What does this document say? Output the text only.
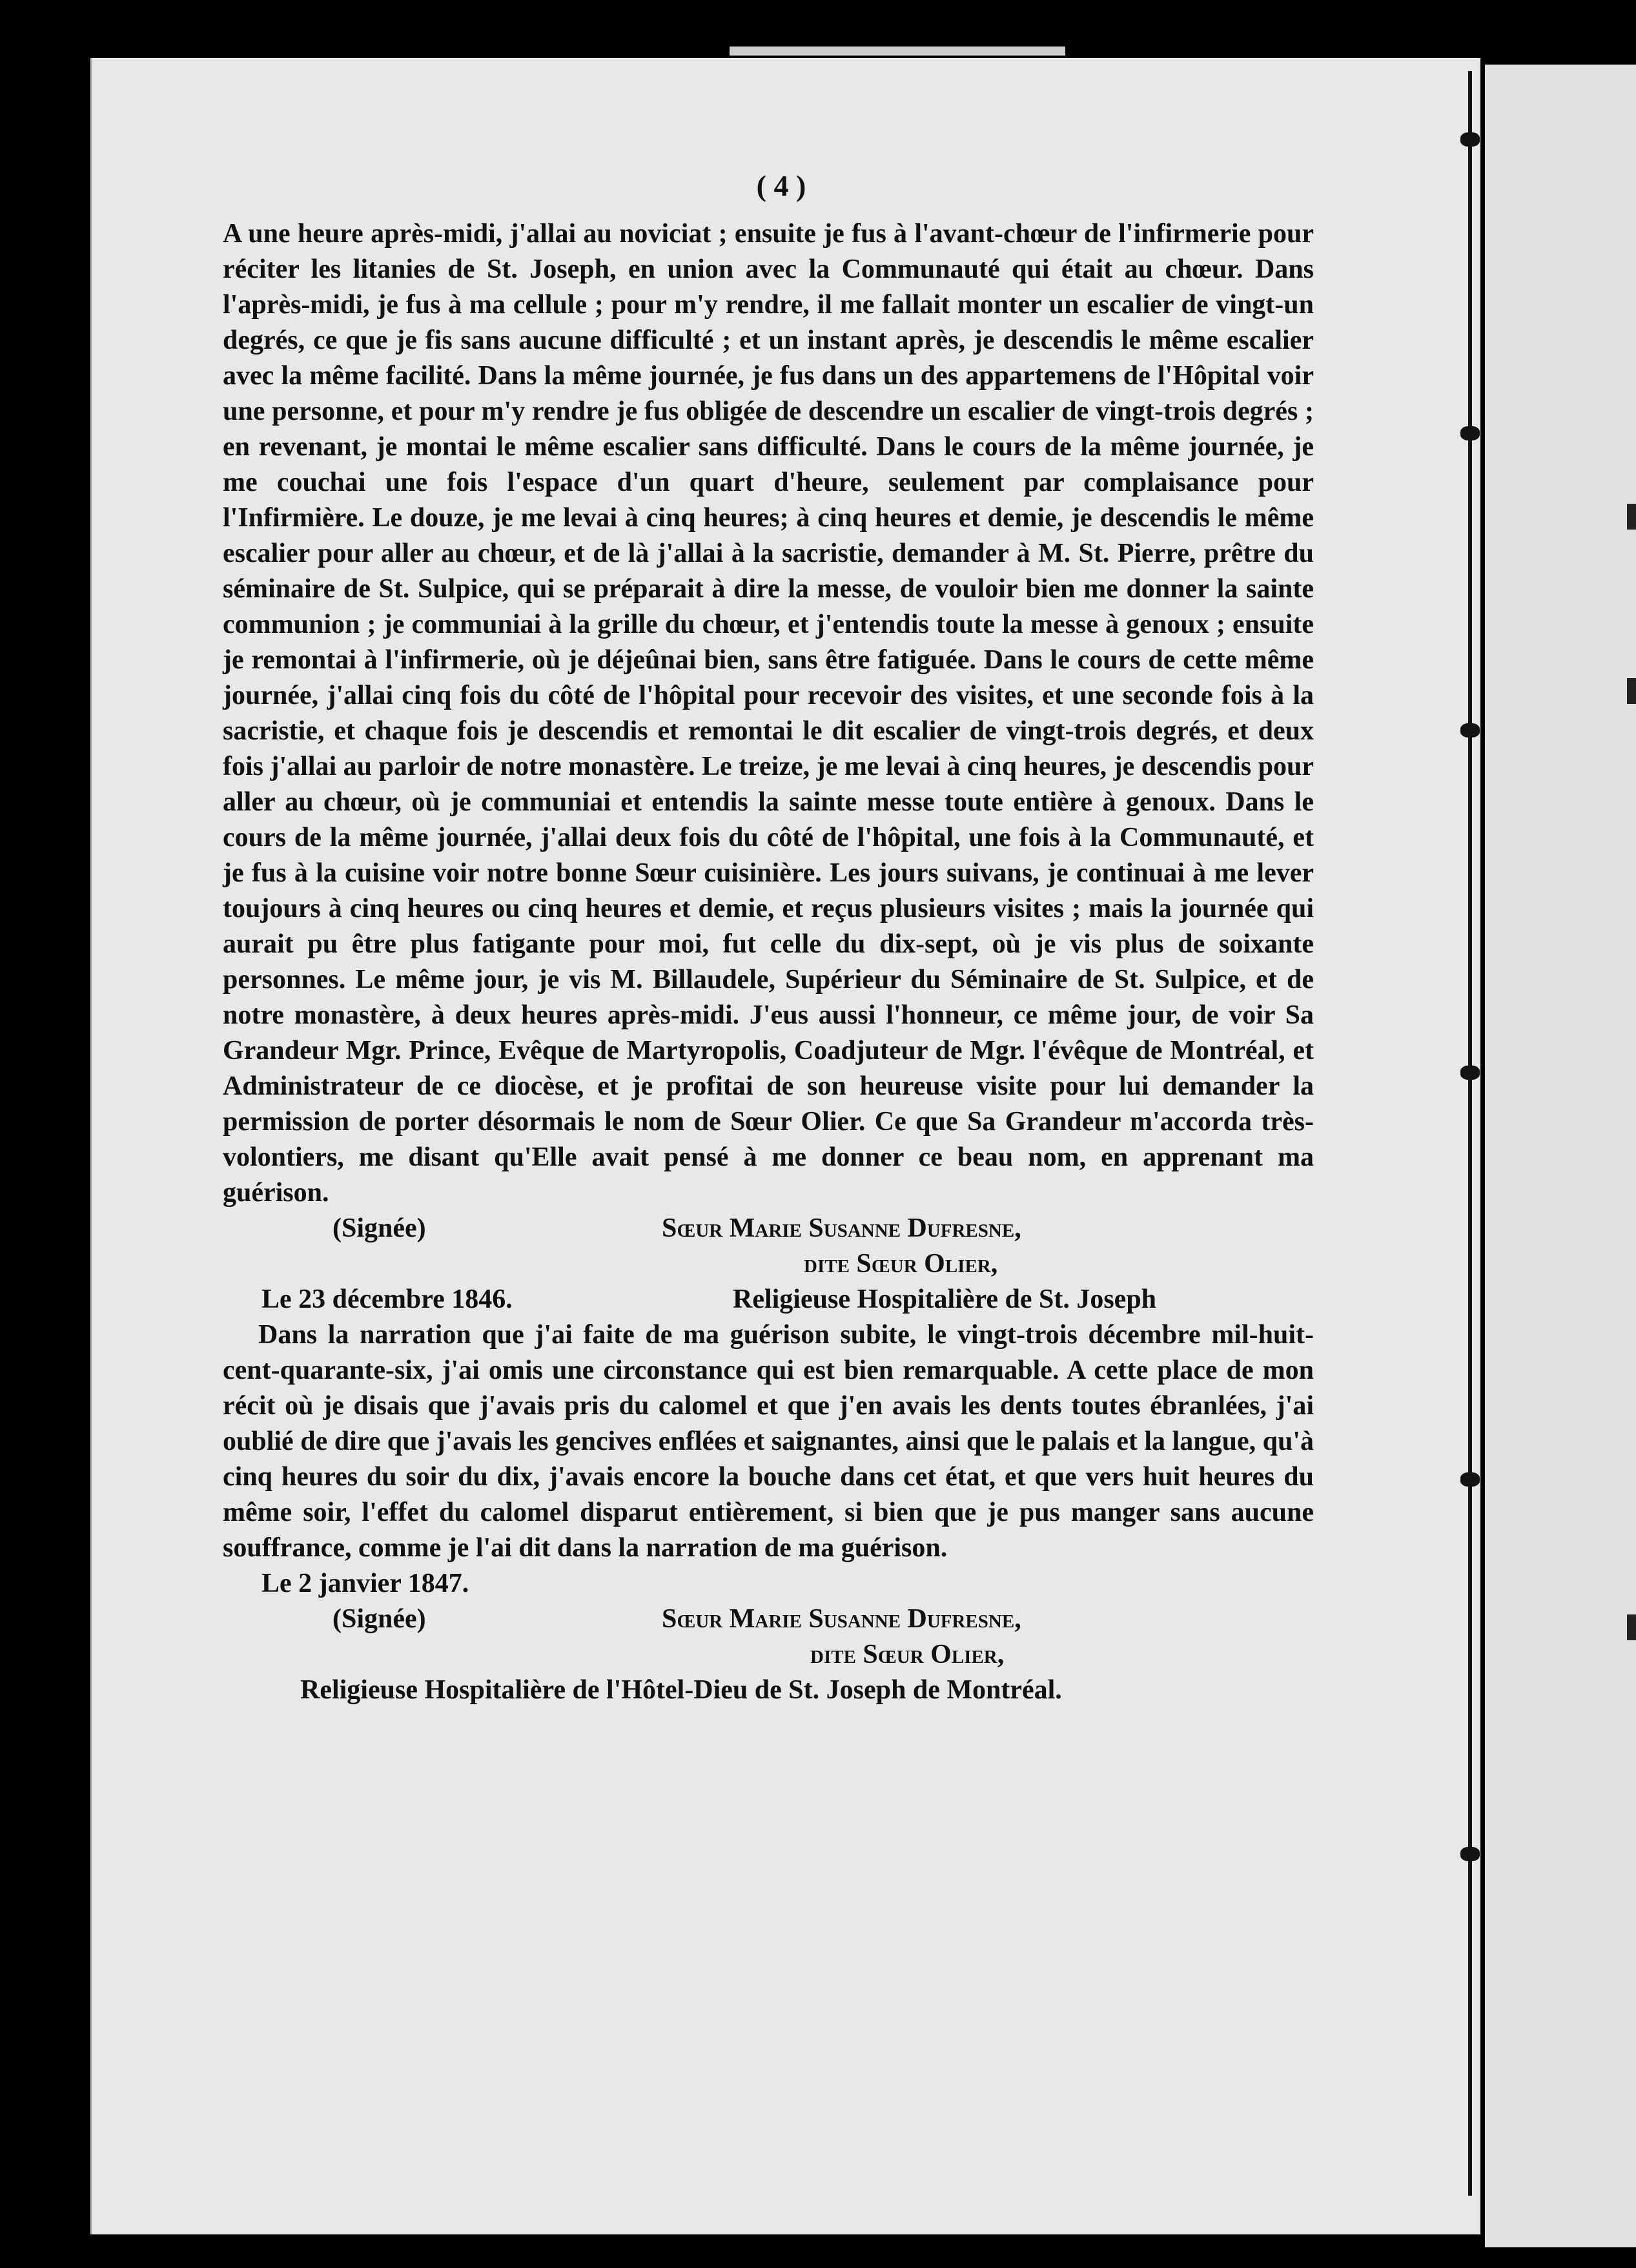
( 4 )

A une heure après-midi, j'allai au noviciat ; ensuite je fus à l'avant-chœur de l'infirmerie pour réciter les litanies de St. Joseph, en union avec la Communauté qui était au chœur. Dans l'après-midi, je fus à ma cellule ; pour m'y rendre, il me fallait monter un escalier de vingt-un degrés, ce que je fis sans aucune difficulté ; et un instant après, je descendis le même escalier avec la même facilité. Dans la même journée, je fus dans un des appartemens de l'Hôpital voir une personne, et pour m'y rendre je fus obligée de descendre un escalier de vingt-trois degrés ; en revenant, je montai le même escalier sans difficulté. Dans le cours de la même journée, je me couchai une fois l'espace d'un quart d'heure, seulement par complaisance pour l'Infirmière. Le douze, je me levai à cinq heures; à cinq heures et demie, je descendis le même escalier pour aller au chœur, et de là j'allai à la sacristie, demander à M. St. Pierre, prêtre du séminaire de St. Sulpice, qui se préparait à dire la messe, de vouloir bien me donner la sainte communion ; je communiai à la grille du chœur, et j'entendis toute la messe à genoux ; ensuite je remontai à l'infirmerie, où je déjeûnai bien, sans être fatiguée. Dans le cours de cette même journée, j'allai cinq fois du côté de l'hôpital pour recevoir des visites, et une seconde fois à la sacristie, et chaque fois je descendis et remontai le dit escalier de vingt-trois degrés, et deux fois j'allai au parloir de notre monastère. Le treize, je me levai à cinq heures, je descendis pour aller au chœur, où je communiai et entendis la sainte messe toute entière à genoux. Dans le cours de la même journée, j'allai deux fois du côté de l'hôpital, une fois à la Communauté, et je fus à la cuisine voir notre bonne Sœur cuisinière. Les jours suivans, je continuai à me lever toujours à cinq heures ou cinq heures et demie, et reçus plusieurs visites ; mais la journée qui aurait pu être plus fatigante pour moi, fut celle du dix-sept, où je vis plus de soixante personnes. Le même jour, je vis M. Billaudele, Supérieur du Séminaire de St. Sulpice, et de notre monastère, à deux heures après-midi. J'eus aussi l'honneur, ce même jour, de voir Sa Grandeur Mgr. Prince, Evêque de Martyropolis, Coadjuteur de Mgr. l'évêque de Montréal, et Administrateur de ce diocèse, et je profitai de son heureuse visite pour lui demander la permission de porter désormais le nom de Sœur Olier. Ce que Sa Grandeur m'accorda très-volontiers, me disant qu'Elle avait pensé à me donner ce beau nom, en apprenant ma guérison.

(Signée)	Sœur Marie Susanne Dufresne,
dite Sœur Olier,
Le 23 décembre 1846.	Religieuse Hospitalière de St. Joseph

Dans la narration que j'ai faite de ma guérison subite, le vingt-trois décembre mil-huit-cent-quarante-six, j'ai omis une circonstance qui est bien remarquable. A cette place de mon récit où je disais que j'avais pris du calomel et que j'en avais les dents toutes ébranlées, j'ai oublié de dire que j'avais les gencives enflées et saignantes, ainsi que le palais et la langue, qu'à cinq heures du soir du dix, j'avais encore la bouche dans cet état, et que vers huit heures du même soir, l'effet du calomel disparut entièrement, si bien que je pus manger sans aucune souffrance, comme je l'ai dit dans la narration de ma guérison.

Le 2 janvier 1847.
(Signée)	Sœur Marie Susanne Dufresne,
dite Sœur Olier,
Religieuse Hospitalière de l'Hôtel-Dieu de St. Joseph de Montréal.
